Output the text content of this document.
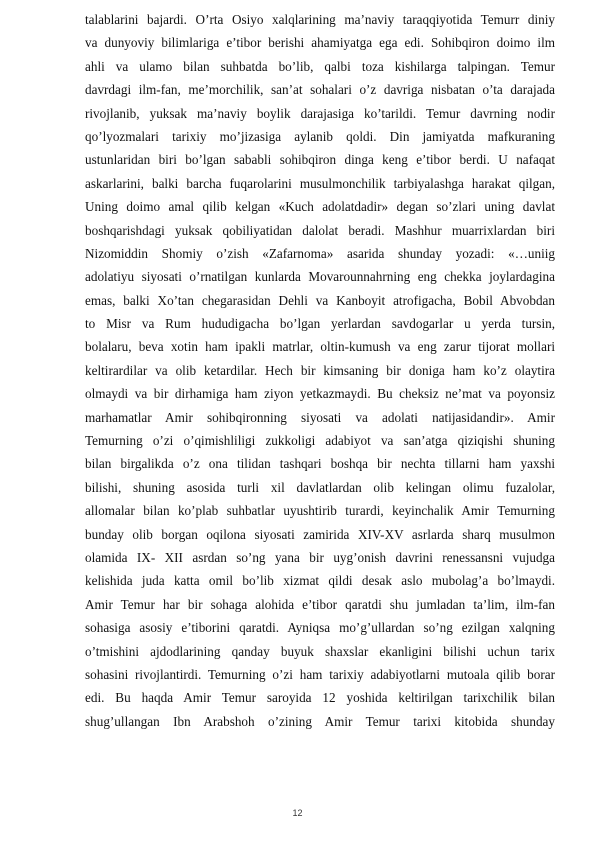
talablarini bajardi. O’rta Osiyo xalqlarining ma’naviy taraqqiyotida Temurr diniy
va dunyoviy bilimlariga e’tibor berishi ahamiyatga ega edi. Sohibqiron doimo ilm
ahli va ulamo bilan suhbatda bo’lib, qalbi toza kishilarga talpingan. Temur
davrdagi ilm-fan, me’morchilik, san’at sohalari o’z davriga nisbatan o’ta darajada
rivojlanib, yuksak ma’naviy boylik darajasiga ko’tarildi. Temur davrning nodir
qo’lyozmalari tarixiy mo’jizasiga aylanib qoldi. Din jamiyatda mafkuraning
ustunlaridan biri bo’lgan sababli sohibqiron dinga keng e’tibor berdi. U nafaqat
askarlarini, balki barcha fuqarolarini musulmonchilik tarbiyalashga harakat qilgan,
Uning doimo amal qilib kelgan «Kuch adolatdadir» degan so’zlari uning davlat
boshqarishdagi yuksak qobiliyatidan dalolat beradi. Mashhur muarrixlardan biri
Nizomiddin Shomiy o’zish «Zafarnoma» asarida shunday yozadi: «…uniig
adolatiyu siyosati o’rnatilgan kunlarda Movarounnahrning eng chekka joylardagina
emas, balki Xo’tan chegarasidan Dehli va Kanboyit atrofigacha, Bobil Abvobdan
to Misr va Rum hududigacha bo’lgan yerlardan savdogarlar u yerda tursin,
bolalaru, beva xotin ham ipakli matrlar, oltin-kumush va eng zarur tijorat mollari
keltirardilar va olib ketardilar. Hech bir kimsaning bir doniga ham ko’z olaytira
olmaydi va bir dirhamiga ham ziyon yetkazmaydi. Bu cheksiz ne’mat va poyonsiz
marhamatlar Amir sohibqironning siyosati va adolati natijasidandir». Amir
Temurning o’zi o’qimishliligi zukkoligi adabiyot va san’atga qiziqishi shuning
bilan birgalikda o’z ona tilidan tashqari boshqa bir nechta tillarni ham yaxshi
bilishi, shuning asosida turli xil davlatlardan olib kelingan olimu fuzalolar,
allomalar bilan ko’plab suhbatlar uyushtirib turardi, keyinchalik Amir Temurning
bunday olib borgan oqilona siyosati zamirida XIV-XV asrlarda sharq musulmon
olamida IX- XII asrdan so’ng yana bir uyg’onish davrini renessansni vujudga
kelishida juda katta omil bo’lib xizmat qildi desak aslo mubolag’a bo’lmaydi.
Amir Temur har bir sohaga alohida e’tibor qaratdi shu jumladan ta’lim, ilm-fan
sohasiga asosiy e’tiborini qaratdi. Ayniqsa mo’g’ullardan so’ng ezilgan xalqning
o’tmishini ajdodlarining qanday buyuk shaxslar ekanligini bilishi uchun tarix
sohasini rivojlantirdi. Temurning o’zi ham tarixiy adabiyotlarni mutoala qilib borar
edi. Bu haqda Amir Temur saroyida 12 yoshida keltirilgan tarixchilik bilan
shug’ullangan Ibn Arabshoh o’zining Amir Temur tarixi kitobida shunday
12
